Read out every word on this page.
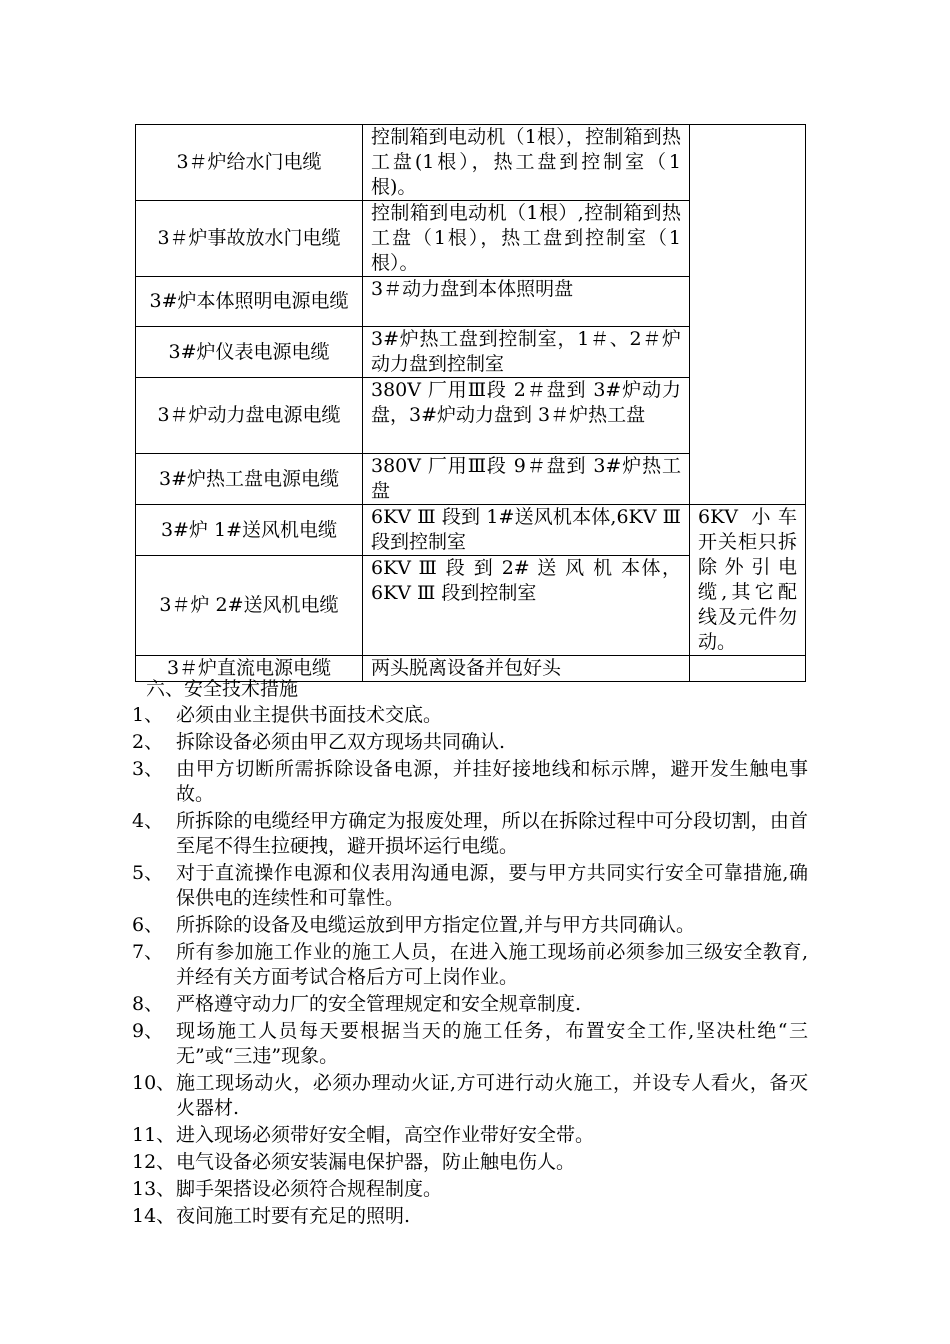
3＃炉给水门电缆	控制箱到电动机（1根），控制箱到热工盘(1根），热工盘到控制室（1根)。	
3＃炉事故放水门电缆	控制箱到电动机（1根）,控制箱到热工盘（1根），热工盘到控制室（1根）。	
3#炉本体照明电源电缆	3＃动力盘到本体照明盘	
3#炉仪表电源电缆	3#炉热工盘到控制室，1＃、2＃炉动力盘到控制室	
3＃炉动力盘电源电缆	380V 厂用Ⅲ段 2＃盘到 3#炉动力盘，3#炉动力盘到 3＃炉热工盘	
3#炉热工盘电源电缆	380V 厂用Ⅲ段 9＃盘到 3#炉热工盘	
3#炉 1#送风机电缆	6KV Ⅲ 段到 1#送风机本体,6KV Ⅲ 段到控制室	6KV 小车开关柜只拆除外引电缆,其它配线及元件勿动。
3＃炉 2#送风机电缆	6KV Ⅲ 段 到 2# 送 风 机 本体，6KV Ⅲ 段到控制室	
3＃炉直流电源电缆	两头脱离设备并包好头	
六、安全技术措施
1、 必须由业主提供书面技术交底。
2、 拆除设备必须由甲乙双方现场共同确认.
3、 由甲方切断所需拆除设备电源，并挂好接地线和标示牌，避开发生触电事故。
4、 所拆除的电缆经甲方确定为报废处理，所以在拆除过程中可分段切割，由首至尾不得生拉硬拽，避开损坏运行电缆。
5、 对于直流操作电源和仪表用沟通电源，要与甲方共同实行安全可靠措施,确保供电的连续性和可靠性。
6、 所拆除的设备及电缆运放到甲方指定位置,并与甲方共同确认。
7、 所有参加施工作业的施工人员，在进入施工现场前必须参加三级安全教育,并经有关方面考试合格后方可上岗作业。
8、 严格遵守动力厂的安全管理规定和安全规章制度.
9、 现场施工人员每天要根据当天的施工任务，布置安全工作,坚决杜绝“三无”或“三违”现象。
10、 施工现场动火，必须办理动火证,方可进行动火施工，并设专人看火，备灭火器材.
11、 进入现场必须带好安全帽，高空作业带好安全带。
12、 电气设备必须安装漏电保护器，防止触电伤人。
13、 脚手架搭设必须符合规程制度。
14、 夜间施工时要有充足的照明.
